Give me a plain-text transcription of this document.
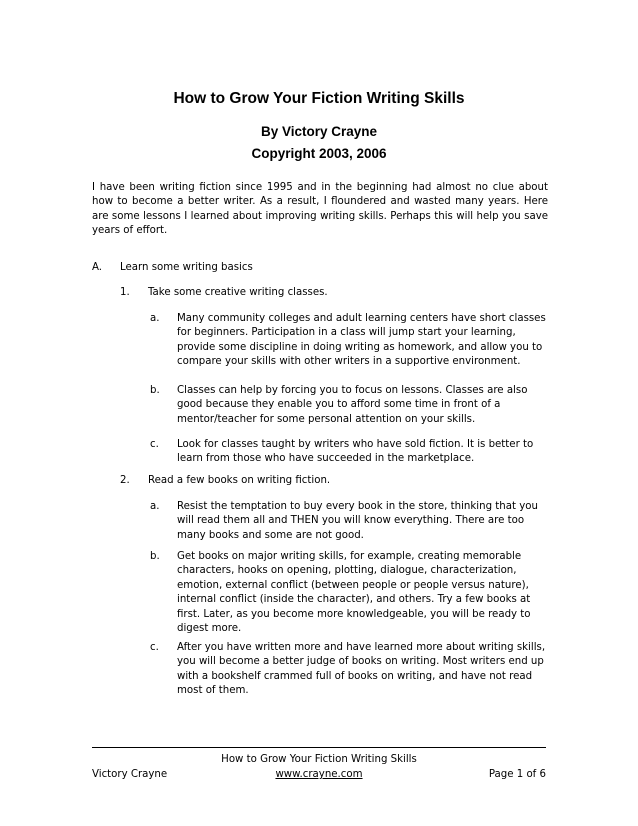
How to Grow Your Fiction Writing Skills
By Victory Crayne
Copyright 2003, 2006
I have been writing fiction since 1995 and in the beginning had almost no clue about how to become a better writer. As a result, I floundered and wasted many years. Here are some lessons I learned about improving writing skills. Perhaps this will help you save years of effort.
A. Learn some writing basics
1. Take some creative writing classes.
a. Many community colleges and adult learning centers have short classes for beginners. Participation in a class will jump start your learning, provide some discipline in doing writing as homework, and allow you to compare your skills with other writers in a supportive environment.
b. Classes can help by forcing you to focus on lessons. Classes are also good because they enable you to afford some time in front of a mentor/teacher for some personal attention on your skills.
c. Look for classes taught by writers who have sold fiction. It is better to learn from those who have succeeded in the marketplace.
2. Read a few books on writing fiction.
a. Resist the temptation to buy every book in the store, thinking that you will read them all and THEN you will know everything. There are too many books and some are not good.
b. Get books on major writing skills, for example, creating memorable characters, hooks on opening, plotting, dialogue, characterization, emotion, external conflict (between people or people versus nature), internal conflict (inside the character), and others. Try a few books at first. Later, as you become more knowledgeable, you will be ready to digest more.
c. After you have written more and have learned more about writing skills, you will become a better judge of books on writing. Most writers end up with a bookshelf crammed full of books on writing, and have not read most of them.
How to Grow Your Fiction Writing Skills
Victory Crayne	www.crayne.com	Page 1 of 6
